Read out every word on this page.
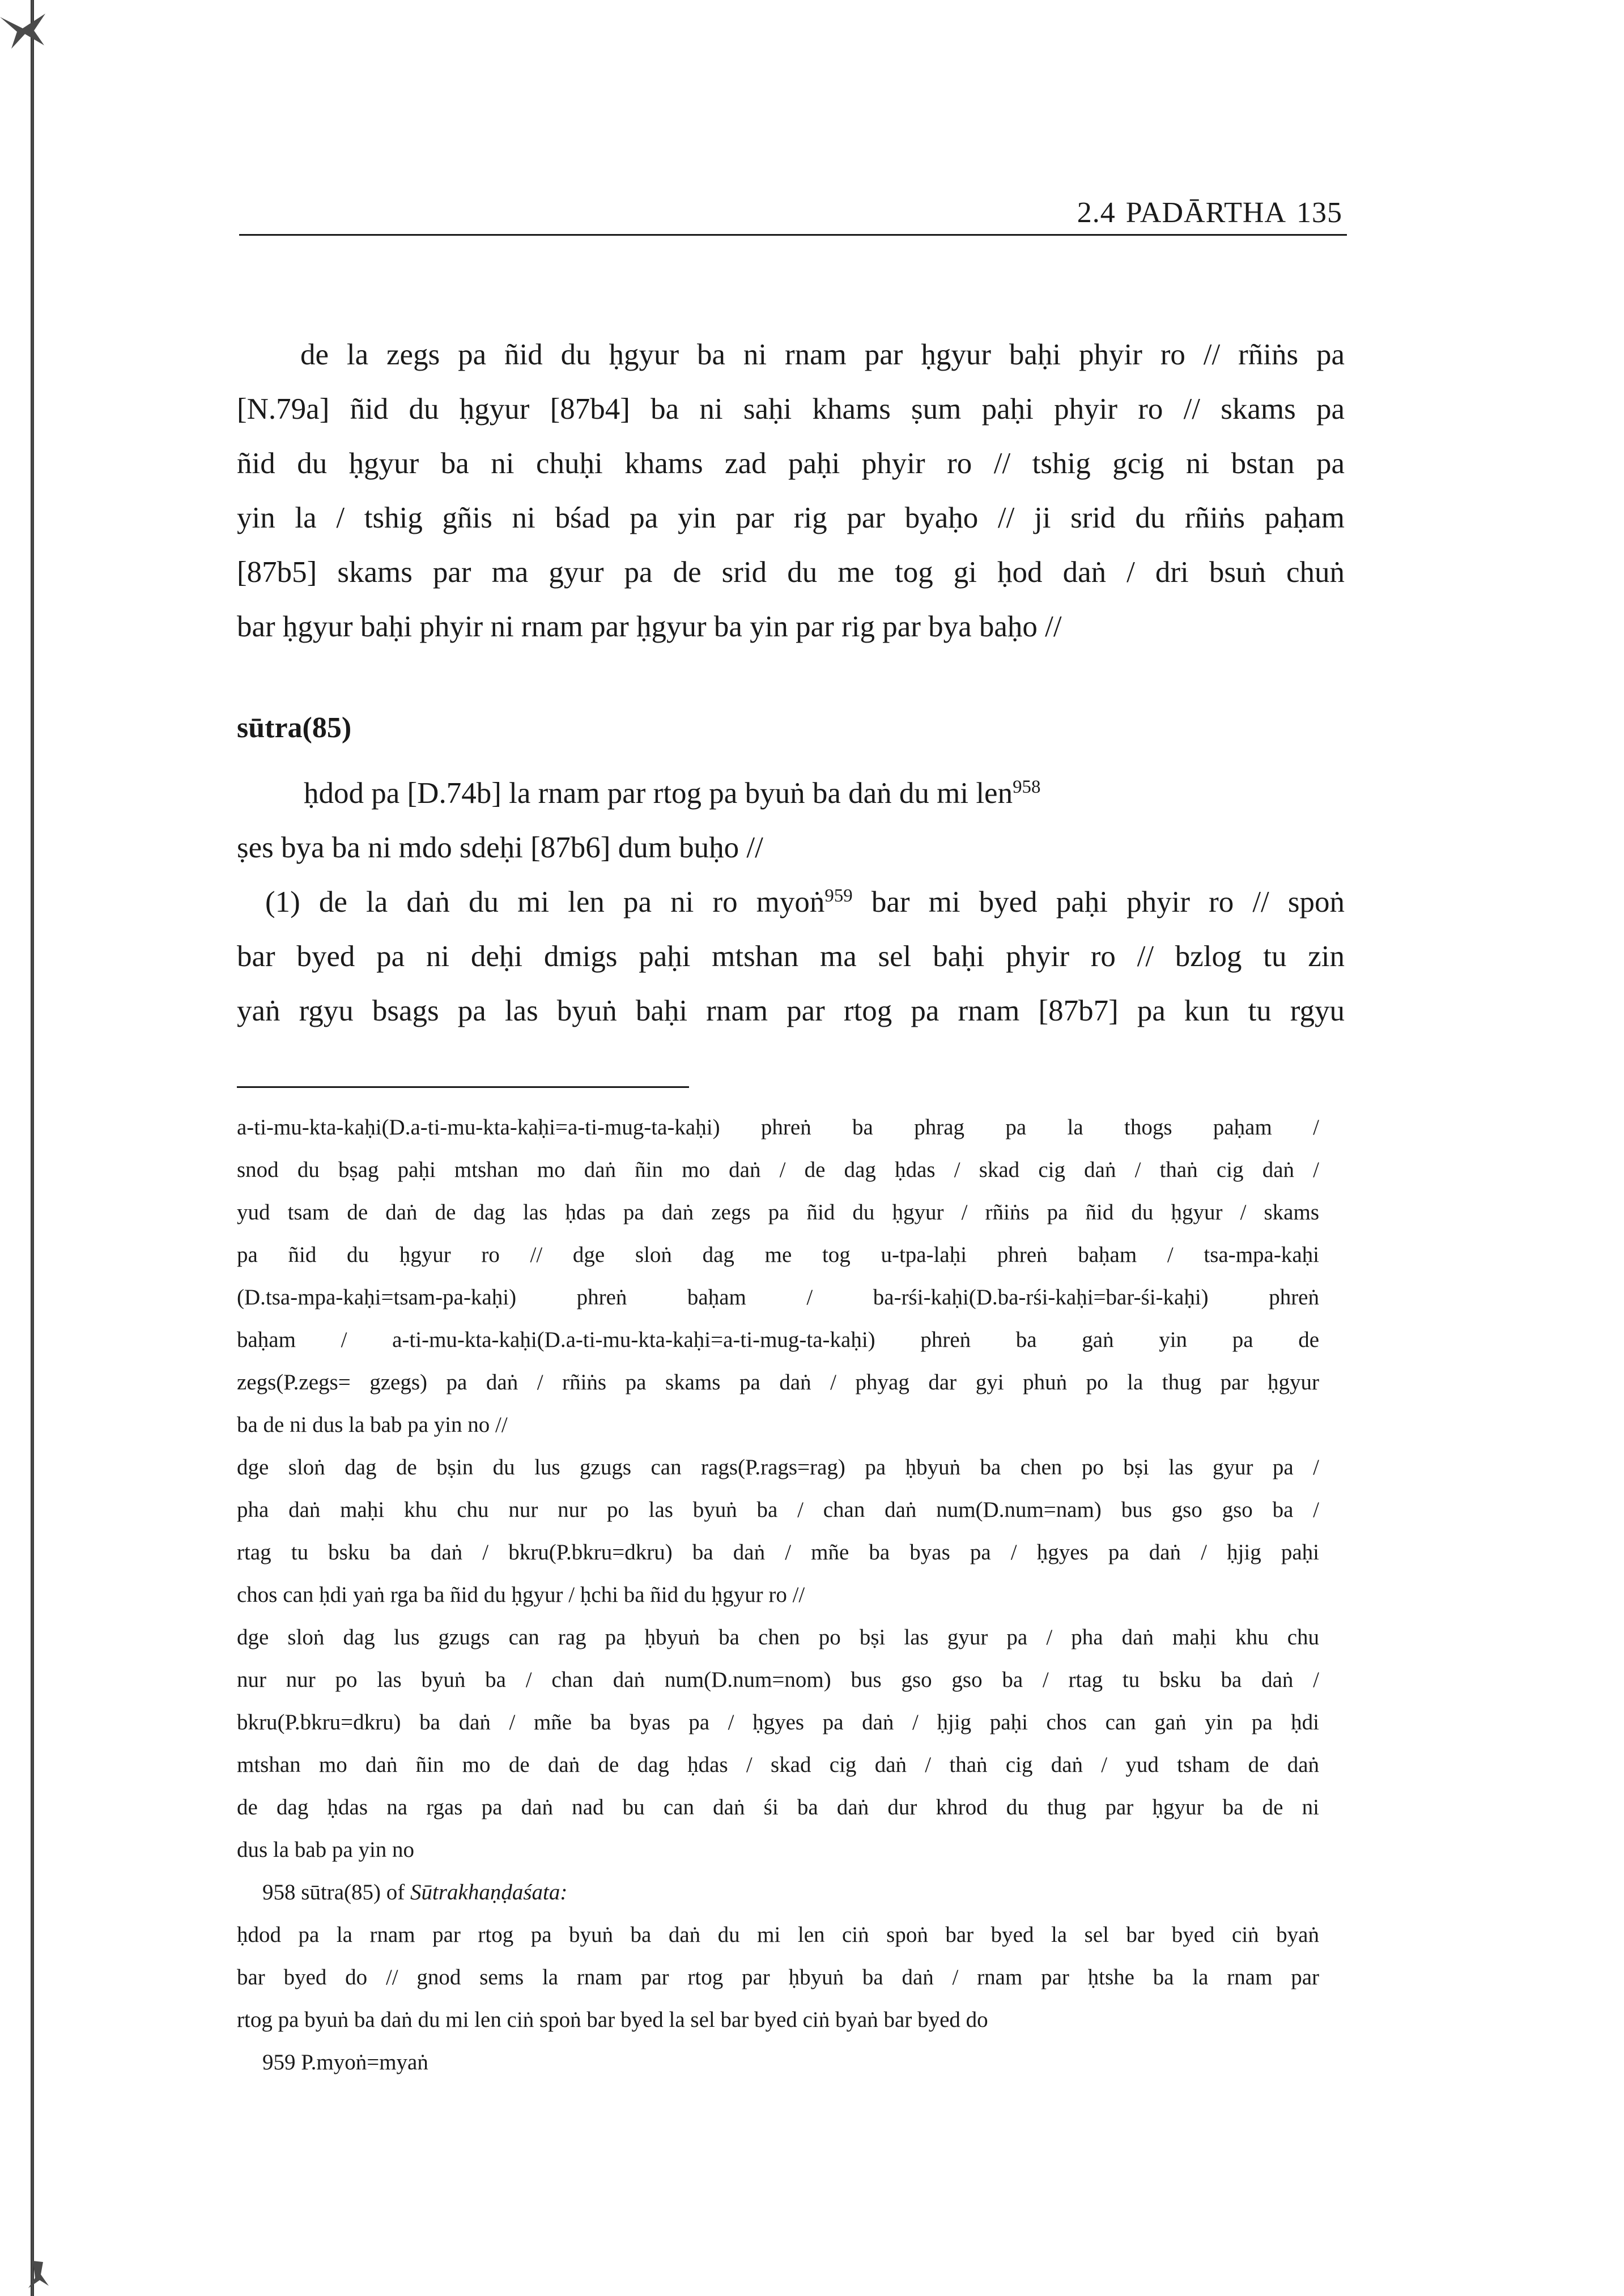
2.4 PADĀRTHA 135
de la zegs pa ñid du ḥgyur ba ni rnam par ḥgyur baḥi phyir ro // rñiṅs pa
[N.79a] ñid du ḥgyur [87b4] ba ni saḥi khams ṣum paḥi phyir ro // skams pa
ñid du ḥgyur ba ni chuḥi khams zad paḥi phyir ro // tshig gcig ni bstan pa
yin la / tshig gñis ni bśad pa yin par rig par byaḥo // ji srid du rñiṅs paḥam
[87b5] skams par ma gyur pa de srid du me tog gi ḥod daṅ / dri bsuṅ chuṅ
bar ḥgyur baḥi phyir ni rnam par ḥgyur ba yin par rig par bya baḥo //
sūtra(85)
ḥdod pa [D.74b] la rnam par rtog pa byuṅ ba daṅ du mi len$^{958}$
ṣes bya ba ni mdo sdeḥi [87b6] dum buḥo //
(1) de la daṅ du mi len pa ni ro myoṅ$^{959}$ bar mi byed paḥi phyir ro // spoṅ
bar byed pa ni deḥi dmigs paḥi mtshan ma sel baḥi phyir ro // bzlog tu zin
yaṅ rgyu bsags pa las byuṅ baḥi rnam par rtog pa rnam [87b7] pa kun tu rgyu
a-ti-mu-kta-kaḥi(D.a-ti-mu-kta-kaḥi=a-ti-mug-ta-kaḥi) phreṅ ba phrag pa la thogs paḥam /
snod du bṣag paḥi mtshan mo daṅ ñin mo daṅ / de dag ḥdas / skad cig daṅ / thaṅ cig daṅ /
yud tsam de daṅ de dag las ḥdas pa daṅ zegs pa ñid du ḥgyur / rñiṅs pa ñid du ḥgyur / skams
pa ñid du ḥgyur ro // dge sloṅ dag me tog u-tpa-laḥi phreṅ baḥam / tsa-mpa-kaḥi
(D.tsa-mpa-kaḥi=tsam-pa-kaḥi) phreṅ baḥam / ba-rśi-kaḥi(D.ba-rśi-kaḥi=bar-śi-kaḥi) phreṅ
baḥam / a-ti-mu-kta-kaḥi(D.a-ti-mu-kta-kaḥi=a-ti-mug-ta-kaḥi) phreṅ ba gaṅ yin pa de
zegs(P.zegs= gzegs) pa daṅ / rñiṅs pa skams pa daṅ / phyag dar gyi phuṅ po la thug par ḥgyur
ba de ni dus la bab pa yin no //
dge sloṅ dag de bṣin du lus gzugs can rags(P.rags=rag) pa ḥbyuṅ ba chen po bṣi las gyur pa /
pha daṅ maḥi khu chu nur nur po las byuṅ ba / chan daṅ num(D.num=nam) bus gso gso ba /
rtag tu bsku ba daṅ / bkru(P.bkru=dkru) ba daṅ / mñe ba byas pa / ḥgyes pa daṅ / ḥjig paḥi
chos can ḥdi yaṅ rga ba ñid du ḥgyur / ḥchi ba ñid du ḥgyur ro //
dge sloṅ dag lus gzugs can rag pa ḥbyuṅ ba chen po bṣi las gyur pa / pha daṅ maḥi khu chu
nur nur po las byuṅ ba / chan daṅ num(D.num=nom) bus gso gso ba / rtag tu bsku ba daṅ /
bkru(P.bkru=dkru) ba daṅ / mñe ba byas pa / ḥgyes pa daṅ / ḥjig paḥi chos can gaṅ yin pa ḥdi
mtshan mo daṅ ñin mo de daṅ de dag ḥdas / skad cig daṅ / thaṅ cig daṅ / yud tsham de daṅ
de dag ḥdas na rgas pa daṅ nad bu can daṅ śi ba daṅ dur khrod du thug par ḥgyur ba de ni
dus la bab pa yin no
958 sūtra(85) of Sūtrakhaṇḍaśata:
ḥdod pa la rnam par rtog pa byuṅ ba daṅ du mi len ciṅ spoṅ bar byed la sel bar byed ciṅ byaṅ
bar byed do // gnod sems la rnam par rtog par ḥbyuṅ ba daṅ / rnam par ḥtshe ba la rnam par
rtog pa byuṅ ba daṅ du mi len ciṅ spoṅ bar byed la sel bar byed ciṅ byaṅ bar byed do
959 P.myoṅ=myaṅ
